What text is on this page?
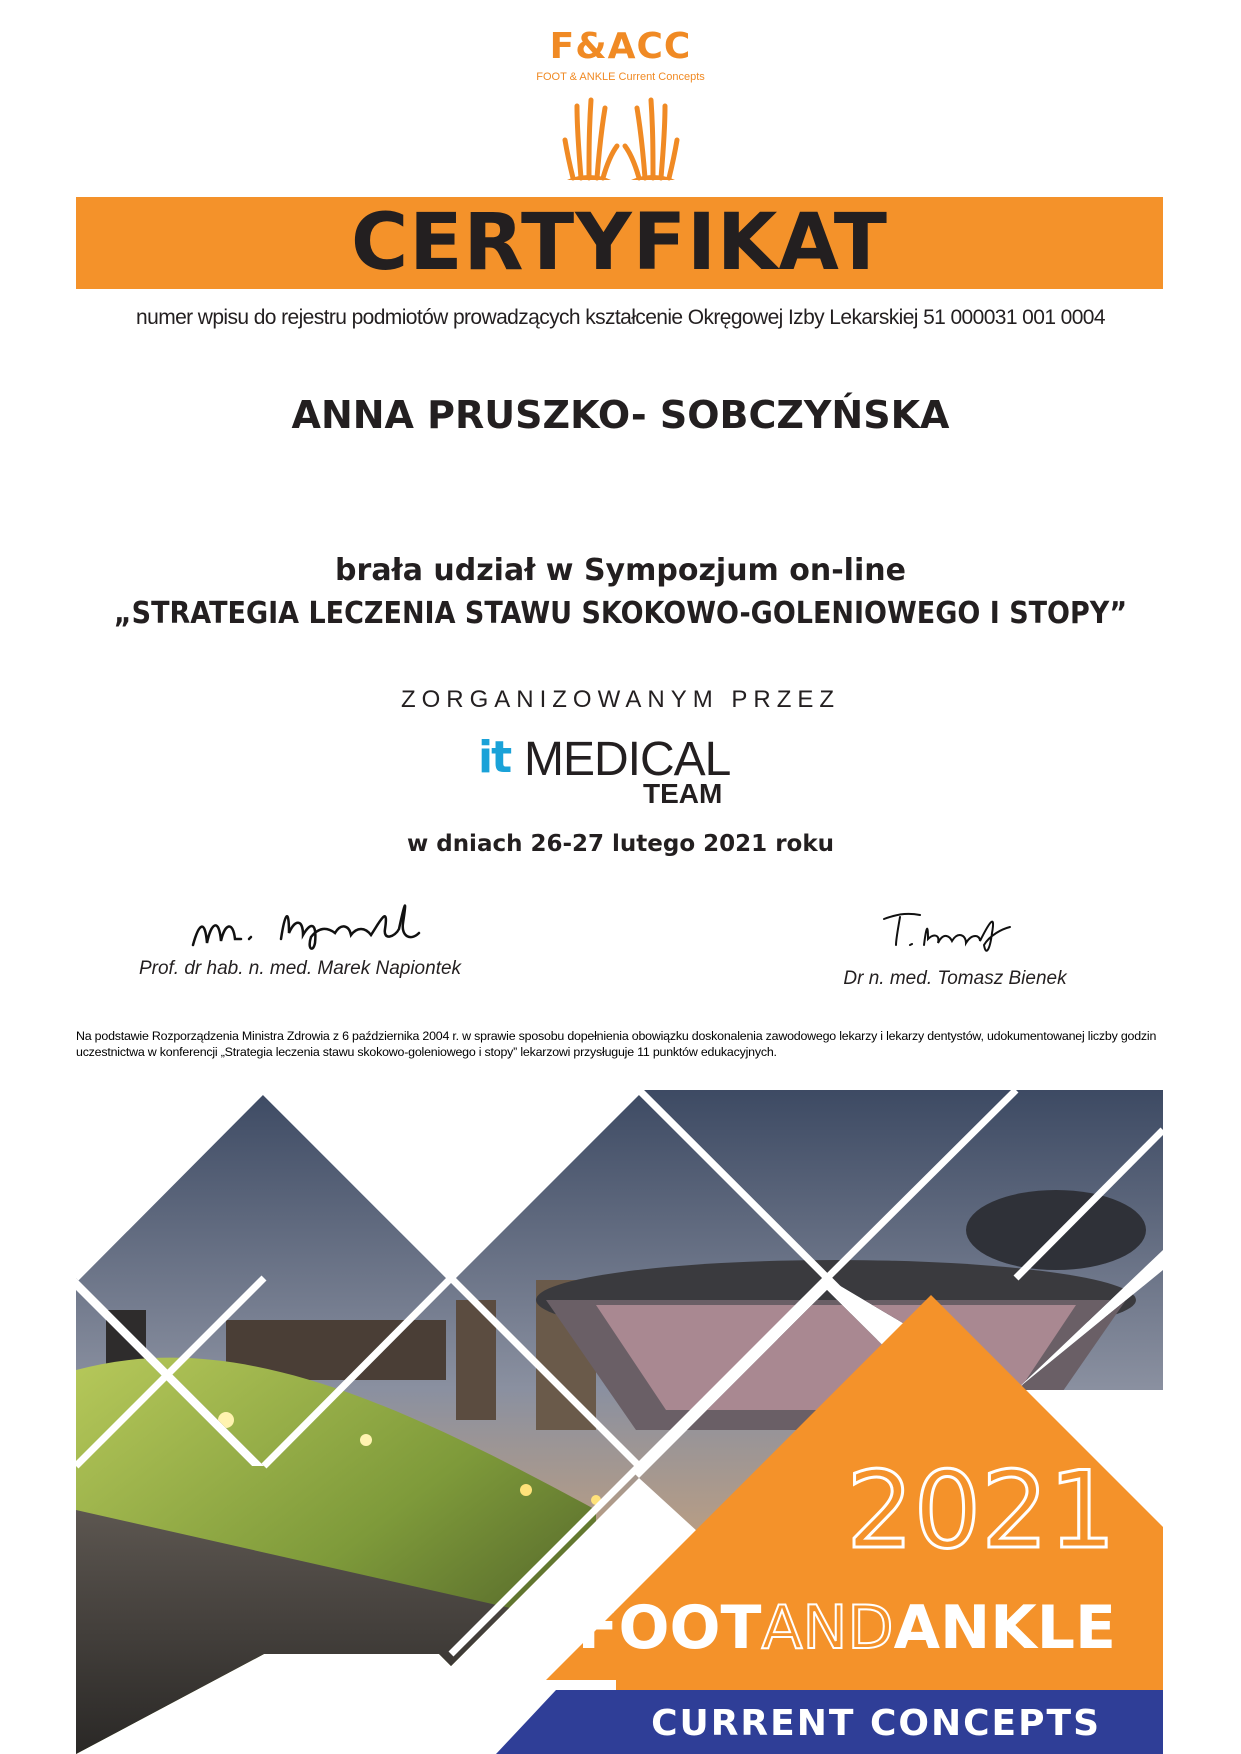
F&ACC
FOOT & ANKLE Current Concepts
CERTYFIKAT
numer wpisu do rejestru podmiotów prowadzących kształcenie Okręgowej Izby Lekarskiej 51 000031 001 0004
ANNA PRUSZKO- SOBCZYŃSKA
brała udział w Sympozjum on-line
„STRATEGIA LECZENIA STAWU SKOKOWO-GOLENIOWEGO I STOPY”
ZORGANIZOWANYM PRZEZ
it MEDICAL
TEAM
w dniach 26-27 lutego 2021 roku
Prof. dr hab. n. med. Marek Napiontek	Dr n. med. Tomasz Bienek
Na podstawie Rozporządzenia Ministra Zdrowia z 6 października 2004 r. w sprawie sposobu dopełnienia obowiązku doskonalenia zawodowego lekarzy i lekarzy dentystów, udokumentowanej liczby godzin uczestnictwa w konferencji „Strategia leczenia stawu skokowo-goleniowego i stopy” lekarzowi przysługuje 11 punktów edukacyjnych.
2021
FOOTANDANKLE
CURRENT CONCEPTS
